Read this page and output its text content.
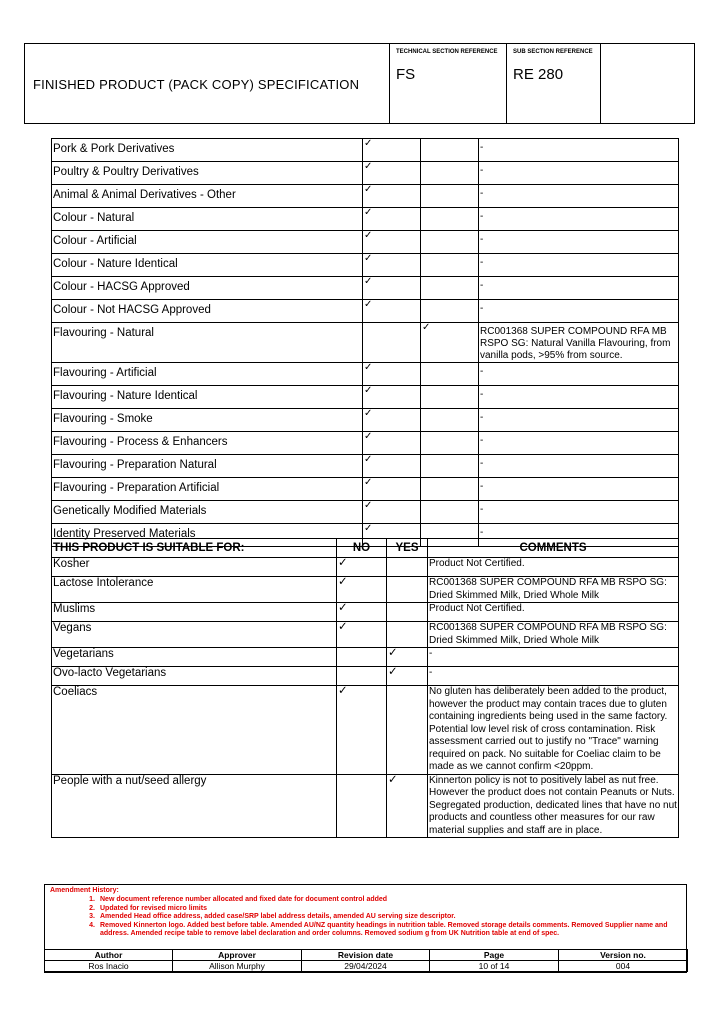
FINISHED PRODUCT (PACK COPY) SPECIFICATION
TECHNICAL SECTION REFERENCE
FS
SUB SECTION REFERENCE
RE 280
Pork & Pork Derivatives	✓		-
Poultry & Poultry Derivatives	✓		-
Animal & Animal Derivatives - Other	✓		-
Colour - Natural	✓		-
Colour - Artificial	✓		-
Colour - Nature Identical	✓		-
Colour - HACSG Approved	✓		-
Colour - Not HACSG Approved	✓		-
Flavouring - Natural		✓	RC001368 SUPER COMPOUND RFA MB RSPO SG: Natural Vanilla Flavouring, from vanilla pods, >95% from source.
Flavouring - Artificial	✓		-
Flavouring - Nature Identical	✓		-
Flavouring - Smoke	✓		-
Flavouring - Process & Enhancers	✓		-
Flavouring - Preparation Natural	✓		-
Flavouring - Preparation Artificial	✓		-
Genetically Modified Materials	✓		-
Identity Preserved Materials	✓		-
THIS PRODUCT IS SUITABLE FOR:	NO	YES	COMMENTS
Kosher	✓		Product Not Certified.
Lactose Intolerance	✓		RC001368 SUPER COMPOUND RFA MB RSPO SG: Dried Skimmed Milk, Dried Whole Milk
Muslims	✓		Product Not Certified.
Vegans	✓		RC001368 SUPER COMPOUND RFA MB RSPO SG: Dried Skimmed Milk, Dried Whole Milk
Vegetarians		✓	-
Ovo-lacto Vegetarians		✓	-
Coeliacs	✓		No gluten has deliberately been added to the product, however the product may contain traces due to gluten containing ingredients being used in the same factory. Potential low level risk of cross contamination. Risk assessment carried out to justify no "Trace" warning required on pack. No suitable for Coeliac claim to be made as we cannot confirm <20ppm.
People with a nut/seed allergy		✓	Kinnerton policy is not to positively label as nut free. However the product does not contain Peanuts or Nuts. Segregated production, dedicated lines that have no nut products and countless other measures for our raw material supplies and staff are in place.
Amendment History:
1. New document reference number allocated and fixed date for document control added
2. Updated for revised micro limits
3. Amended Head office address, added case/SRP label address details, amended AU serving size descriptor.
4. Removed Kinnerton logo. Added best before table. Amended AU/NZ quantity headings in nutrition table. Removed storage details comments. Removed Supplier name and address. Amended recipe table to remove label declaration and order columns. Removed sodium g from UK Nutrition table at end of spec.
Author	Approver	Revision date	Page	Version no.
Ros Inacio	Allison Murphy	29/04/2024	10 of 14	004
